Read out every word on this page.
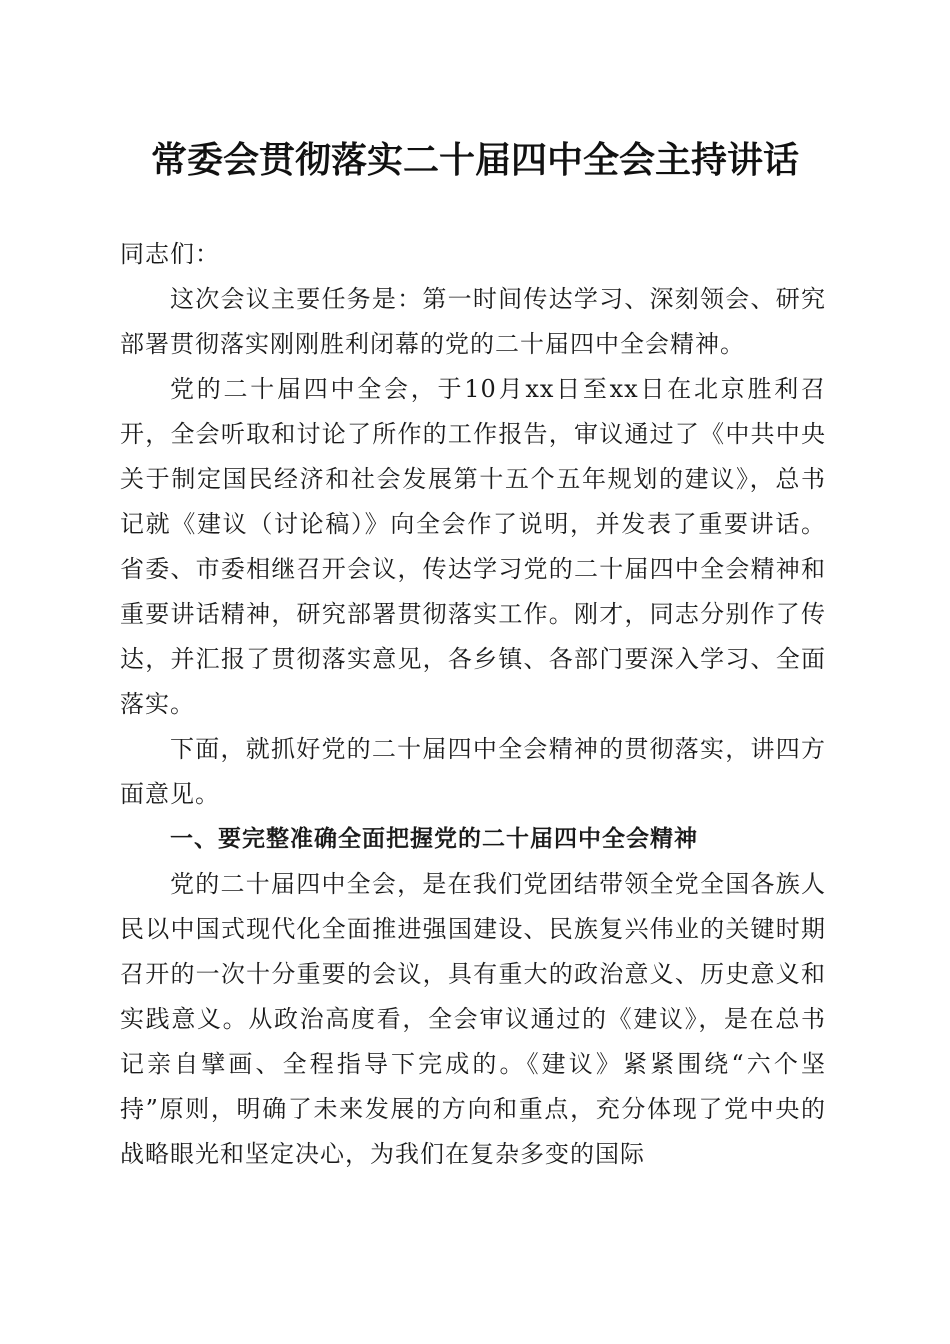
常委会贯彻落实二十届四中全会主持讲话

同志们：

这次会议主要任务是：第一时间传达学习、深刻领会、研究部署贯彻落实刚刚胜利闭幕的党的二十届四中全会精神。

党的二十届四中全会，于10月xx日至xx日在北京胜利召开，全会听取和讨论了所作的工作报告，审议通过了《中共中央关于制定国民经济和社会发展第十五个五年规划的建议》，总书记就《建议（讨论稿）》向全会作了说明，并发表了重要讲话。省委、市委相继召开会议，传达学习党的二十届四中全会精神和重要讲话精神，研究部署贯彻落实工作。刚才，同志分别作了传达，并汇报了贯彻落实意见，各乡镇、各部门要深入学习、全面落实。

下面，就抓好党的二十届四中全会精神的贯彻落实，讲四方面意见。

一、要完整准确全面把握党的二十届四中全会精神

党的二十届四中全会，是在我们党团结带领全党全国各族人民以中国式现代化全面推进强国建设、民族复兴伟业的关键时期召开的一次十分重要的会议，具有重大的政治意义、历史意义和实践意义。从政治高度看，全会审议通过的《建议》，是在总书记亲自擘画、全程指导下完成的。《建议》紧紧围绕“六个坚持”原则，明确了未来发展的方向和重点，充分体现了党中央的战略眼光和坚定决心，为我们在复杂多变的国际
